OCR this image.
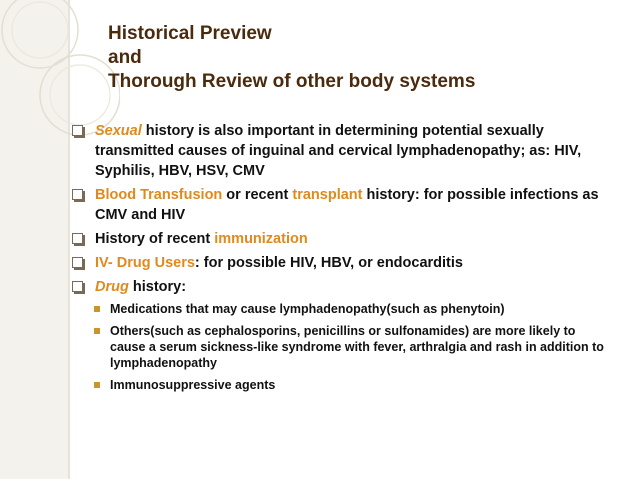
Historical Preview
and
Thorough Review of other body systems
Sexual history is also important in determining potential sexually transmitted causes of inguinal and cervical lymphadenopathy; as: HIV, Syphilis, HBV, HSV, CMV
Blood Transfusion or recent transplant history: for possible infections as CMV and HIV
History of recent immunization
IV- Drug Users: for possible HIV, HBV, or endocarditis
Drug history:
Medications that may cause lymphadenopathy(such as phenytoin)
Others(such as cephalosporins, penicillins or sulfonamides) are more likely to cause a serum sickness-like syndrome with fever, arthralgia and rash in addition to lymphadenopathy
Immunosuppressive agents
